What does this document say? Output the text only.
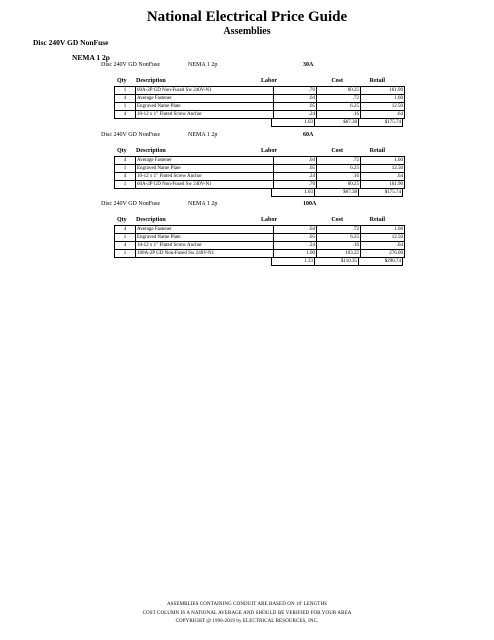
National Electrical Price Guide
Assemblies
Disc 240V GD NonFuse
NEMA 1 2p
Disc 240V GD NonFuse	NEMA 1 2p	30A
Qty Description	Labor	Cost	Retail
1	60A-2P GD Non-Fused Sw 240V-N1	.70	60.25	161.90
4	Average Fastener	.04	.72	1.60
1	Engraved Name Plate	.05	6.25	12.50
4	10-12 x 1" Fluted Screw Anchor	.24	.16	.64
1.03	$67.38	$175.74
Disc 240V GD NonFuse	NEMA 1 2p	60A
Qty Description	Labor	Cost	Retail
4	Average Fastener	.04	.72	1.60
1	Engraved Name Plate	.05	6.25	12.50
4	10-12 x 1" Fluted Screw Anchor	.24	.16	.64
1	60A-2P GD Non-Fused Sw 240V-N1	.70	60.25	161.90
1.03	$67.38	$175.74
Disc 240V GD NonFuse	NEMA 1 2p	100A
Qty Description	Labor	Cost	Retail
4	Average Fastener	.04	.72	1.60
1	Engraved Name Plate	.05	6.25	12.50
4	10-12 x 1" Fluted Screw Anchor	.24	.16	.64
1	100A-2P GD Non-Fused Sw 240V-N1	1.00	103.22	276.00
1.33	$110.35	$290.74
ASSEMBLIES CONTAINING CONDUIT ARE BASED ON 10' LENGTHS
COST COLUMN IS A NATIONAL AVERAGE AND SHOULD BE VERIFIED FOR YOUR AREA
COPYRIGHT @ 1996-2019 by ELECTRICAL RESOURCES, INC.
